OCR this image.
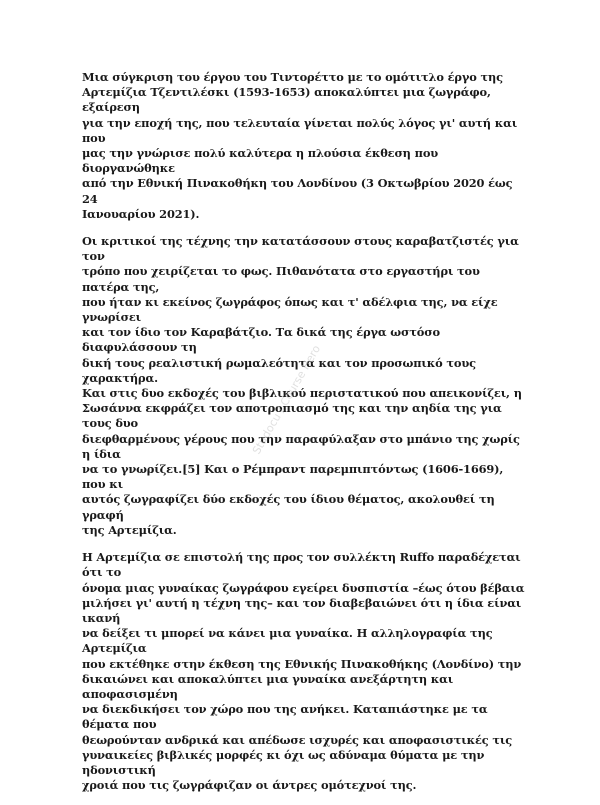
Μια σύγκριση του έργου του Τιντορέττο με το ομότιτλο έργο της
Αρτεμίζια Τζεντιλέσκι (1593-1653) αποκαλύπτει μια ζωγράφο, εξαίρεση
για την εποχή της, που τελευταία γίνεται πολύς λόγος γι' αυτή και που
μας την γνώρισε πολύ καλύτερα η πλούσια έκθεση που διοργανώθηκε
από την Εθνική Πινακοθήκη του Λονδίνου (3 Οκτωβρίου 2020 έως 24
Ιανουαρίου 2021).

Οι κριτικοί της τέχνης την κατατάσσουν στους καραβατζιστές για τον
τρόπο που χειρίζεται το φως. Πιθανότατα στο εργαστήρι του πατέρα της,
που ήταν κι εκείνος ζωγράφος όπως και τ' αδέλφια της, να είχε γνωρίσει
και τον ίδιο τον Καραβάτζιο. Τα δικά της έργα ωστόσο διαφυλάσσουν τη
δική τους ρεαλιστική ρωμαλεότητα και τον προσωπικό τους χαρακτήρα.
Και στις δυο εκδοχές του βιβλικού περιστατικού που απεικονίζει, η
Σωσάννα εκφράζει τον αποτροπιασμό της και την αηδία της για τους δυο
διεφθαρμένους γέρους που την παραφύλαξαν στο μπάνιο της χωρίς η ίδια
να το γνωρίζει.[5] Και ο Ρέμπραντ παρεμπιπτόντως (1606-1669), που κι
αυτός ζωγραφίζει δύο εκδοχές του ίδιου θέματος, ακολουθεί τη γραφή
της Αρτεμίζια.

Η Αρτεμίζια σε επιστολή της προς τον συλλέκτη Ruffo παραδέχεται ότι το
όνομα μιας γυναίκας ζωγράφου εγείρει δυσπιστία –έως ότου βέβαια
μιλήσει γι' αυτή η τέχνη της– και τον διαβεβαιώνει ότι η ίδια είναι ικανή
να δείξει τι μπορεί να κάνει μια γυναίκα. Η αλληλογραφία της Αρτεμίζια
που εκτέθηκε στην έκθεση της Εθνικής Πινακοθήκης (Λονδίνο) την
δικαιώνει και αποκαλύπτει μια γυναίκα ανεξάρτητη και αποφασισμένη
να διεκδικήσει τον χώρο που της ανήκει. Καταπιάστηκε με τα θέματα που
θεωρούνταν ανδρικά και απέδωσε ισχυρές και αποφασιστικές τις
γυναικείες βιβλικές μορφές κι όχι ως αδύναμα θύματα με την ηδονιστική
χροιά που τις ζωγράφιζαν οι άντρες ομότεχνοί της.

Studocu / Course Hero
